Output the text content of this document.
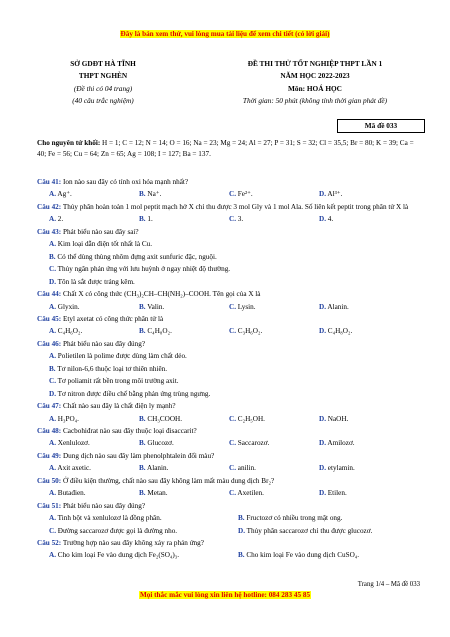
Đây là bản xem thử, vui lòng mua tài liệu để xem chi tiết (có lời giải)
SỞ GDĐT HÀ TĨNH
THPT NGHÈN
(Đề thi có 04 trang)
(40 câu trắc nghiệm)
ĐỀ THI THỬ TỐT NGHIỆP THPT LẦN 1
NĂM HỌC 2022-2023
Môn: HOÁ HỌC
Thời gian: 50 phút (không tính thời gian phát đề)
Mã đề 033
Cho nguyên tử khối: H = 1; C = 12; N = 14; O = 16; Na = 23; Mg = 24; Al = 27; P = 31; S = 32; Cl = 35,5; Br = 80; K = 39; Ca = 40; Fe = 56; Cu = 64; Zn = 65; Ag = 108; I = 127; Ba = 137.
Câu 41: Ion nào sau đây có tính oxi hóa mạnh nhất?
A. Ag⁺.	B. Na⁺.	C. Fe²⁺.	D. Al³⁺.
Câu 42: Thủy phân hoàn toàn 1 mol peptit mạch hở X chỉ thu được 3 mol Gly và 1 mol Ala. Số liên kết peptit trong phân tử X là
A. 2.	B. 1.	C. 3.	D. 4.
Câu 43: Phát biểu nào sau đây sai?
A. Kim loại dẫn điện tốt nhất là Cu.
B. Có thể dùng thùng nhôm đựng axit sunfuric đặc, nguội.
C. Thủy ngân phản ứng với lưu huỳnh ở ngay nhiệt độ thường.
D. Tôn là sắt được tráng kẽm.
Câu 44: Chất X có công thức (CH₃)₂CH–CH(NH₂)–COOH. Tên gọi của X là
A. Glyxin.	B. Valin.	C. Lysin.	D. Alanin.
Câu 45: Etyl axetat có công thức phân tử là
A. C₄H₆O₂.	B. C₄H₈O₂.	C. C₃H₆O₂.	D. C₄H₈O₂.
Câu 46: Phát biểu nào sau đây đúng?
A. Polietilen là polime được dùng làm chất dẻo.
B. Tơ nilon-6,6 thuộc loại tơ thiên nhiên.
C. Tơ poliamit rất bền trong môi trường axit.
D. Tơ nitron được điều chế bằng phản ứng trùng ngưng.
Câu 47: Chất nào sau đây là chất điện ly mạnh?
A. H₃PO₄.	B. CH₃COOH.	C. C₂H₅OH.	D. NaOH.
Câu 48: Cacbohiđrat nào sau đây thuộc loại đisaccarit?
A. Xenlulozơ.	B. Glucozơ.	C. Saccarozơ.	D. Amilozơ.
Câu 49: Dung dịch nào sau đây làm phenolphtalein đổi màu?
A. Axit axetic.	B. Alanin.	C. anilin.	D. etylamin.
Câu 50: Ở điều kiện thường, chất nào sau đây không làm mất màu dung dịch Br₂?
A. Butađien.	B. Metan.	C. Axetilen.	D. Etilen.
Câu 51: Phát biểu nào sau đây đúng?
A. Tinh bột và xenlulozơ là đồng phân.	B. Fructozơ có nhiều trong mật ong.
C. Đường saccarozơ được gọi là đường nho.	D. Thủy phân saccarozơ chỉ thu được glucozơ.
Câu 52: Trường hợp nào sau đây không xảy ra phản ứng?
A. Cho kim loại Fe vào dung dịch Fe₂(SO₄)₃.	B. Cho kim loại Fe vào dung dịch CuSO₄.
Trang 1/4 – Mã đề 033
Mọi thắc mắc vui lòng xin liên hệ hotline: 084 283 45 85
